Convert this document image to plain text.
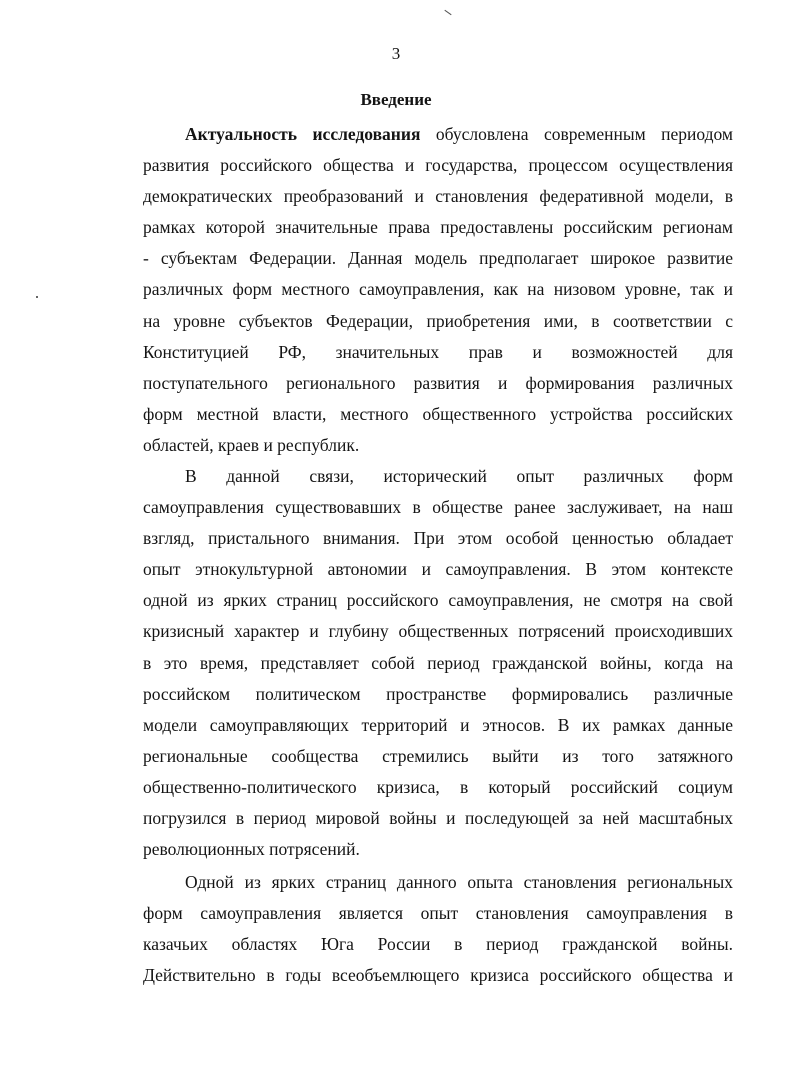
3
Введение
Актуальность исследования обусловлена современным периодом
развития российского общества и государства, процессом осуществления
демократических преобразований и становления федеративной модели, в
рамках которой значительные права предоставлены российским регионам
- субъектам Федерации. Данная модель предполагает широкое развитие
различных форм местного самоуправления, как на низовом уровне, так и
на уровне субъектов Федерации, приобретения ими, в соответствии с
Конституцией РФ, значительных прав и возможностей для
поступательного регионального развития и формирования различных
форм местной власти, местного общественного устройства российских
областей, краев и республик.
В данной связи, исторический опыт различных форм
самоуправления существовавших в обществе ранее заслуживает, на наш
взгляд, пристального внимания. При этом особой ценностью обладает
опыт этнокультурной автономии и самоуправления. В этом контексте
одной из ярких страниц российского самоуправления, не смотря на свой
кризисный характер и глубину общественных потрясений происходивших
в это время, представляет собой период гражданской войны, когда на
российском политическом пространстве формировались различные
модели самоуправляющих территорий и этносов. В их рамках данные
региональные сообщества стремились выйти из того затяжного
общественно-политического кризиса, в который российский социум
погрузился в период мировой войны и последующей за ней масштабных
революционных потрясений.
Одной из ярких страниц данного опыта становления региональных
форм самоуправления является опыт становления самоуправления в
казачьих областях Юга России в период гражданской войны.
Действительно в годы всеобъемлющего кризиса российского общества и
